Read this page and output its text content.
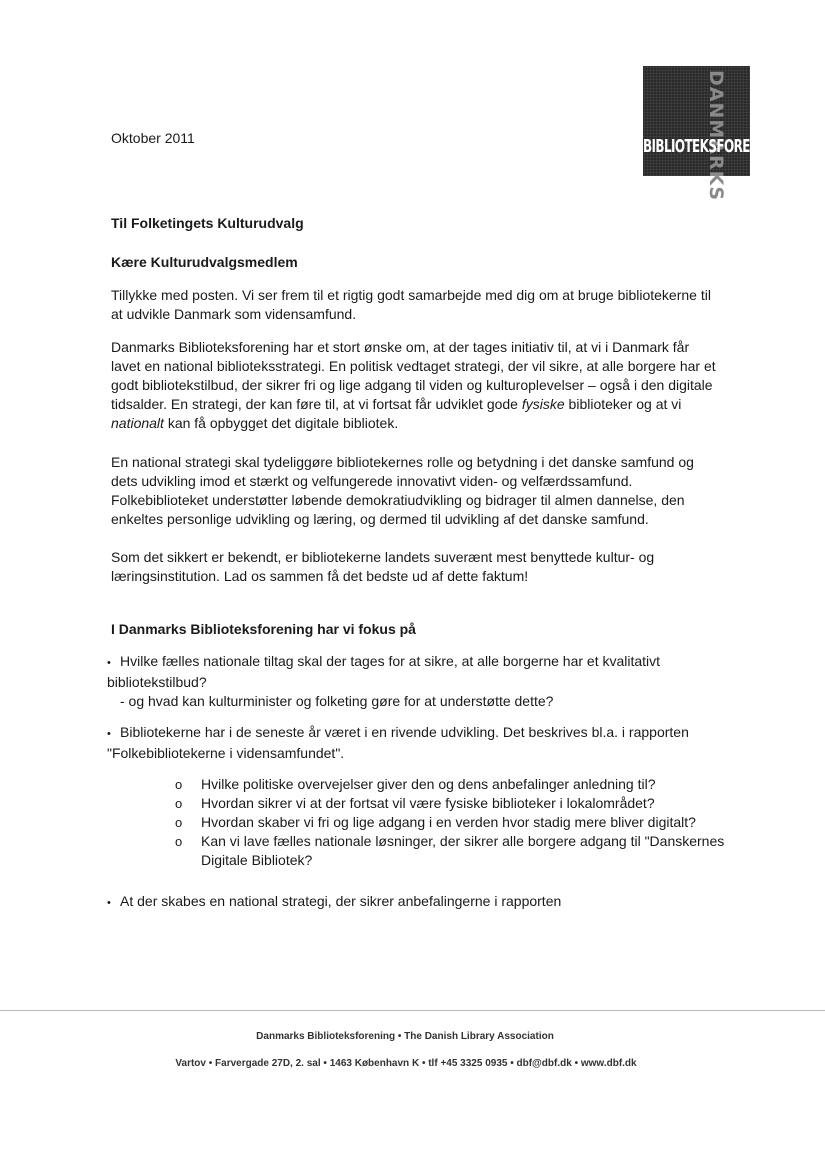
DANMARKS
BIBLIOTEKSFORENING
Oktober 2011
Til Folketingets Kulturudvalg
Kære Kulturudvalgsmedlem
Tillykke med posten. Vi ser frem til et rigtig godt samarbejde med dig om at bruge bibliotekerne til at udvikle Danmark som vidensamfund.
Danmarks Biblioteksforening har et stort ønske om, at der tages initiativ til, at vi i Danmark får lavet en national biblioteksstrategi. En politisk vedtaget strategi, der vil sikre, at alle borgere har et godt bibliotekstilbud, der sikrer fri og lige adgang til viden og kulturoplevelser – også i den digitale tidsalder. En strategi, der kan føre til, at vi fortsat får udviklet gode fysiske biblioteker og at vi nationalt kan få opbygget det digitale bibliotek.
En national strategi skal tydeliggøre bibliotekernes rolle og betydning i det danske samfund og dets udvikling imod et stærkt og velfungerede innovativt viden- og velfærdssamfund. Folkebiblioteket understøtter løbende demokratiudvikling og bidrager til almen dannelse, den enkeltes personlige udvikling og læring, og dermed til udvikling af det danske samfund.
Som det sikkert er bekendt, er bibliotekerne landets suverænt mest benyttede kultur- og læringsinstitution. Lad os sammen få det bedste ud af dette faktum!
I Danmarks Biblioteksforening har vi fokus på
• Hvilke fælles nationale tiltag skal der tages for at sikre, at alle borgerne har et kvalitativt bibliotekstilbud?
- og hvad kan kulturminister og folketing gøre for at understøtte dette?
• Bibliotekerne har i de seneste år været i en rivende udvikling. Det beskrives bl.a. i rapporten "Folkebibliotekerne i vidensamfundet".
o	Hvilke politiske overvejelser giver den og dens anbefalinger anledning til?
o	Hvordan sikrer vi at der fortsat vil være fysiske biblioteker i lokalområdet?
o	Hvordan skaber vi fri og lige adgang i en verden hvor stadig mere bliver digitalt?
o	Kan vi lave fælles nationale løsninger, der sikrer alle borgere adgang til "Danskernes Digitale Bibliotek?
• At der skabes en national strategi, der sikrer anbefalingerne i rapporten
Danmarks Biblioteksforening • The Danish Library Association
Vartov • Farvergade 27D, 2. sal • 1463 København K • tlf +45 3325 0935 • dbf@dbf.dk • www.dbf.dk
